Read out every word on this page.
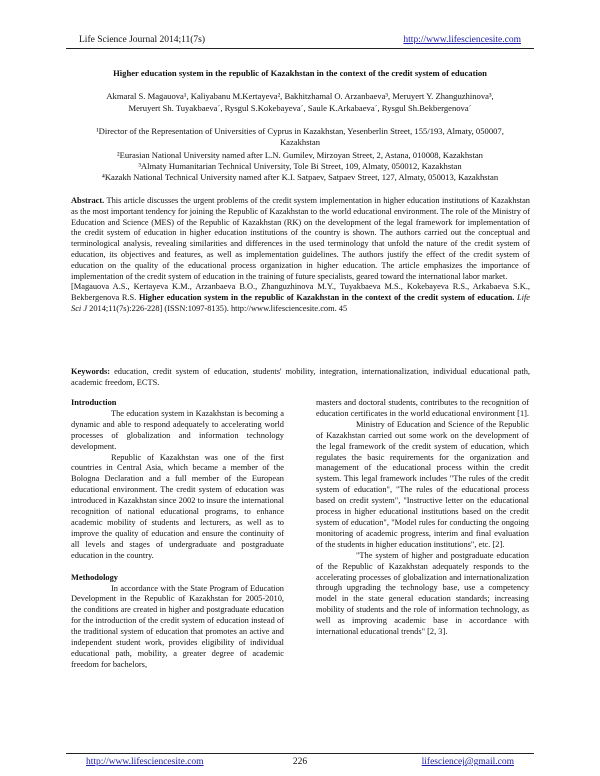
Life Science Journal 2014;11(7s)	http://www.lifesciencesite.com
Higher education system in the republic of Kazakhstan in the context of the credit system of education
Akmaral S. Magauova¹, Kaliyabanu M.Kertayeva², Bakhitzhamal O. Arzanbaeva³, Meruyert Y. Zhanguzhinova³,
Meruyert Sh. Tuyakbaeva´, Rysgul S.Kokebayeva´, Saule K.Arkabaeva´, Rysgul Sh.Bekbergenova´
¹Director of the Representation of Universities of Cyprus in Kazakhstan, Yesenberlin Street, 155/193, Almaty, 050007, Kazakhstan
²Eurasian National University named after L.N. Gumilev, Mirzoyan Street, 2, Astana, 010008, Kazakhstan
³Almaty Humanitarian Technical University, Tole Bi Street, 109, Almaty, 050012, Kazakhstan
⁴Kazakh National Technical University named after K.I. Satpaev, Satpaev Street, 127, Almaty, 050013, Kazakhstan

Abstract. This article discusses the urgent problems of the credit system implementation in higher education institutions of Kazakhstan as the most important tendency for joining the Republic of Kazakhstan to the world educational environment. The role of the Ministry of Education and Science (MES) of the Republic of Kazakhstan (RK) on the development of the legal framework for implementation of the credit system of education in higher education institutions of the country is shown. The authors carried out the conceptual and terminological analysis, revealing similarities and differences in the used terminology that unfold the nature of the credit system of education, its objectives and features, as well as implementation guidelines. The authors justify the effect of the credit system of education on the quality of the educational process organization in higher education. The article emphasizes the importance of implementation of the credit system of education in the training of future specialists, geared toward the international labor market.

[Magauova A.S., Kertayeva K.M., Arzanbaeva B.O., Zhanguzhinova M.Y., Tuyakbaeva M.S., Kokebayeva R.S., Arkabaeva S.K., Bekbergenova R.S. Higher education system in the republic of Kazakhstan in the context of the credit system of education. Life Sci J 2014;11(7s):226-228] (ISSN:1097-8135). http://www.lifesciencesite.com. 45

Keywords: education, credit system of education, students' mobility, integration, internationalization, individual educational path, academic freedom, ECTS.

Introduction

The education system in Kazakhstan is becoming a dynamic and able to respond adequately to accelerating world processes of globalization and information technology development.

Republic of Kazakhstan was one of the first countries in Central Asia, which became a member of the Bologna Declaration and a full member of the European educational environment. The credit system of education was introduced in Kazakhstan since 2002 to insure the international recognition of national educational programs, to enhance academic mobility of students and lecturers, as well as to improve the quality of education and ensure the continuity of all levels and stages of undergraduate and postgraduate education in the country.

Methodology

In accordance with the State Program of Education Development in the Republic of Kazakhstan for 2005-2010, the conditions are created in higher and postgraduate education for the introduction of the credit system of education instead of the traditional system of education that promotes an active and independent student work, provides eligibility of individual educational path, mobility, a greater degree of academic freedom for bachelors,

masters and doctoral students, contributes to the recognition of education certificates in the world educational environment [1].

Ministry of Education and Science of the Republic of Kazakhstan carried out some work on the development of the legal framework of the credit system of education, which regulates the basic requirements for the organization and management of the educational process within the credit system. This legal framework includes "The rules of the credit system of education", "The rules of the educational process based on credit system", "Instructive letter on the educational process in higher educational institutions based on the credit system of education", "Model rules for conducting the ongoing monitoring of academic progress, interim and final evaluation of the students in higher education institutions", etc. [2].

"The system of higher and postgraduate education of the Republic of Kazakhstan adequately responds to the accelerating processes of globalization and internationalization through upgrading the technology base, use a competency model in the state general education standards; increasing mobility of students and the role of information technology, as well as improving academic base in accordance with international educational trends" [2, 3].

http://www.lifesciencesite.com	226	lifesciencej@gmail.com
